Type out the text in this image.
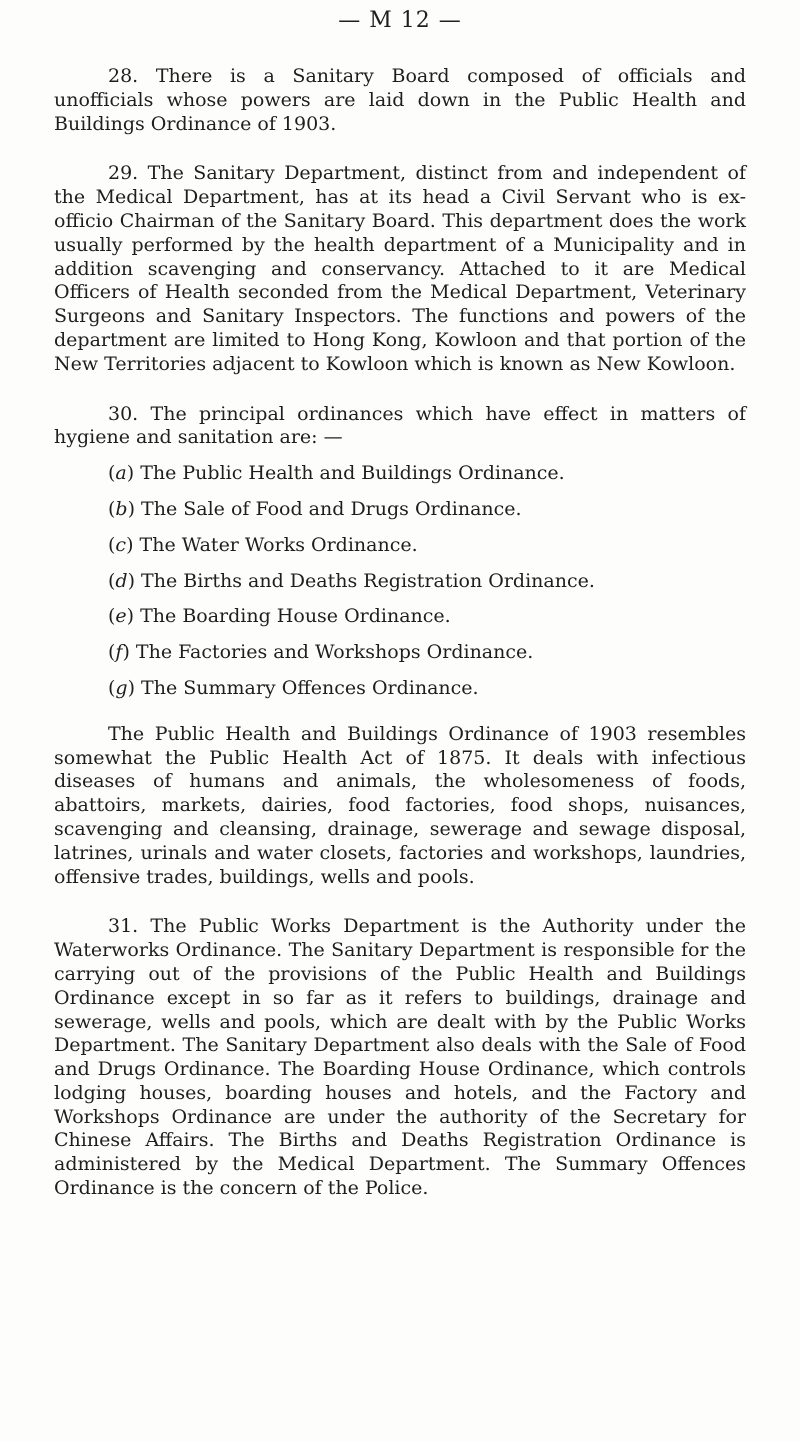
— M 12 —

28. There is a Sanitary Board composed of officials and unofficials whose powers are laid down in the Public Health and Buildings Ordinance of 1903.

29. The Sanitary Department, distinct from and independent of the Medical Department, has at its head a Civil Servant who is ex-officio Chairman of the Sanitary Board. This department does the work usually performed by the health department of a Municipality and in addition scavenging and conservancy. Attached to it are Medical Officers of Health seconded from the Medical Department, Veterinary Surgeons and Sanitary Inspectors. The functions and powers of the department are limited to Hong Kong, Kowloon and that portion of the New Territories adjacent to Kowloon which is known as New Kowloon.

30. The principal ordinances which have effect in matters of hygiene and sanitation are: —

(a) The Public Health and Buildings Ordinance.
(b) The Sale of Food and Drugs Ordinance.
(c) The Water Works Ordinance.
(d) The Births and Deaths Registration Ordinance.
(e) The Boarding House Ordinance.
(f) The Factories and Workshops Ordinance.
(g) The Summary Offences Ordinance.

The Public Health and Buildings Ordinance of 1903 resembles somewhat the Public Health Act of 1875. It deals with infectious diseases of humans and animals, the wholesomeness of foods, abattoirs, markets, dairies, food factories, food shops, nuisances, scavenging and cleansing, drainage, sewerage and sewage disposal, latrines, urinals and water closets, factories and workshops, laundries, offensive trades, buildings, wells and pools.

31. The Public Works Department is the Authority under the Waterworks Ordinance. The Sanitary Department is responsible for the carrying out of the provisions of the Public Health and Buildings Ordinance except in so far as it refers to buildings, drainage and sewerage, wells and pools, which are dealt with by the Public Works Department. The Sanitary Department also deals with the Sale of Food and Drugs Ordinance. The Boarding House Ordinance, which controls lodging houses, boarding houses and hotels, and the Factory and Workshops Ordinance are under the authority of the Secretary for Chinese Affairs. The Births and Deaths Registration Ordinance is administered by the Medical Department. The Summary Offences Ordinance is the concern of the Police.
